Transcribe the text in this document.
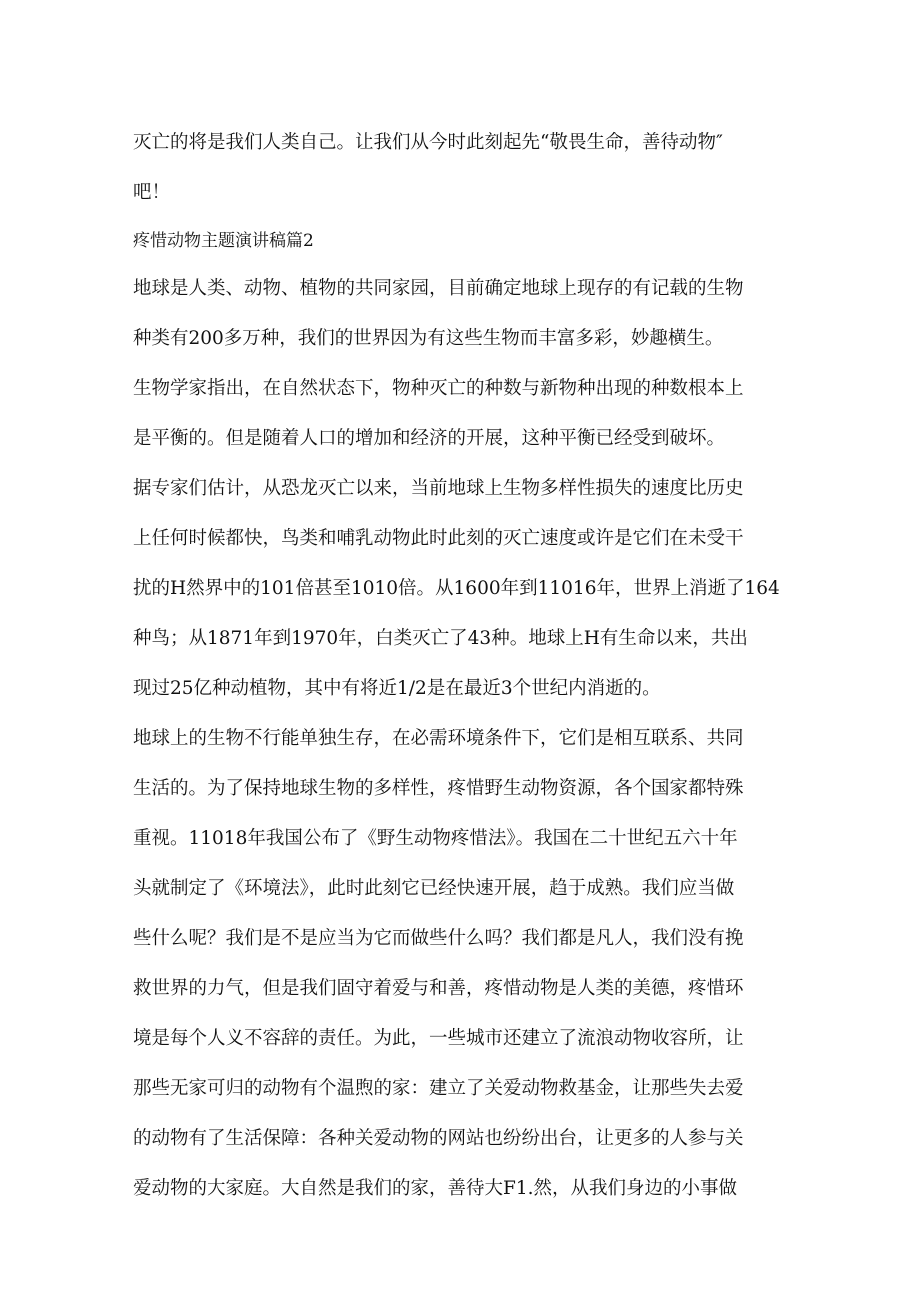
灭亡的将是我们人类自己。让我们从今时此刻起先“敬畏生命，善待动物″
吧！
疼惜动物主题演讲稿篇2
地球是人类、动物、植物的共同家园，目前确定地球上现存的有记载的生物
种类有200多万种，我们的世界因为有这些生物而丰富多彩，妙趣横生。
生物学家指出，在自然状态下，物种灭亡的种数与新物种出现的种数根本上
是平衡的。但是随着人口的增加和经济的开展，这种平衡已经受到破坏。
据专家们估计，从恐龙灭亡以来，当前地球上生物多样性损失的速度比历史
上任何时候都快，鸟类和哺乳动物此时此刻的灭亡速度或许是它们在未受干
扰的H然界中的101倍甚至1010倍。从1600年到11016年，世界上消逝了164
种鸟；从1871年到1970年，白类灭亡了43种。地球上H有生命以来，共出
现过25亿种动植物，其中有将近1/2是在最近3个世纪内消逝的。
地球上的生物不行能单独生存，在必需环境条件下，它们是相互联系、共同
生活的。为了保持地球生物的多样性，疼惜野生动物资源，各个国家都特殊
重视。11018年我国公布了《野生动物疼惜法》。我国在二十世纪五六十年
头就制定了《环境法》，此时此刻它已经快速开展，趋于成熟。我们应当做
些什么呢？我们是不是应当为它而做些什么吗？我们都是凡人，我们没有挽
救世界的力气，但是我们固守着爱与和善，疼惜动物是人类的美德，疼惜环
境是每个人义不容辞的责任。为此，一些城市还建立了流浪动物收容所，让
那些无家可归的动物有个温煦的家：建立了关爱动物救基金，让那些失去爱
的动物有了生活保障：各种关爱动物的网站也纷纷出台，让更多的人参与关
爱动物的大家庭。大自然是我们的家，善待大F1.然，从我们身边的小事做
